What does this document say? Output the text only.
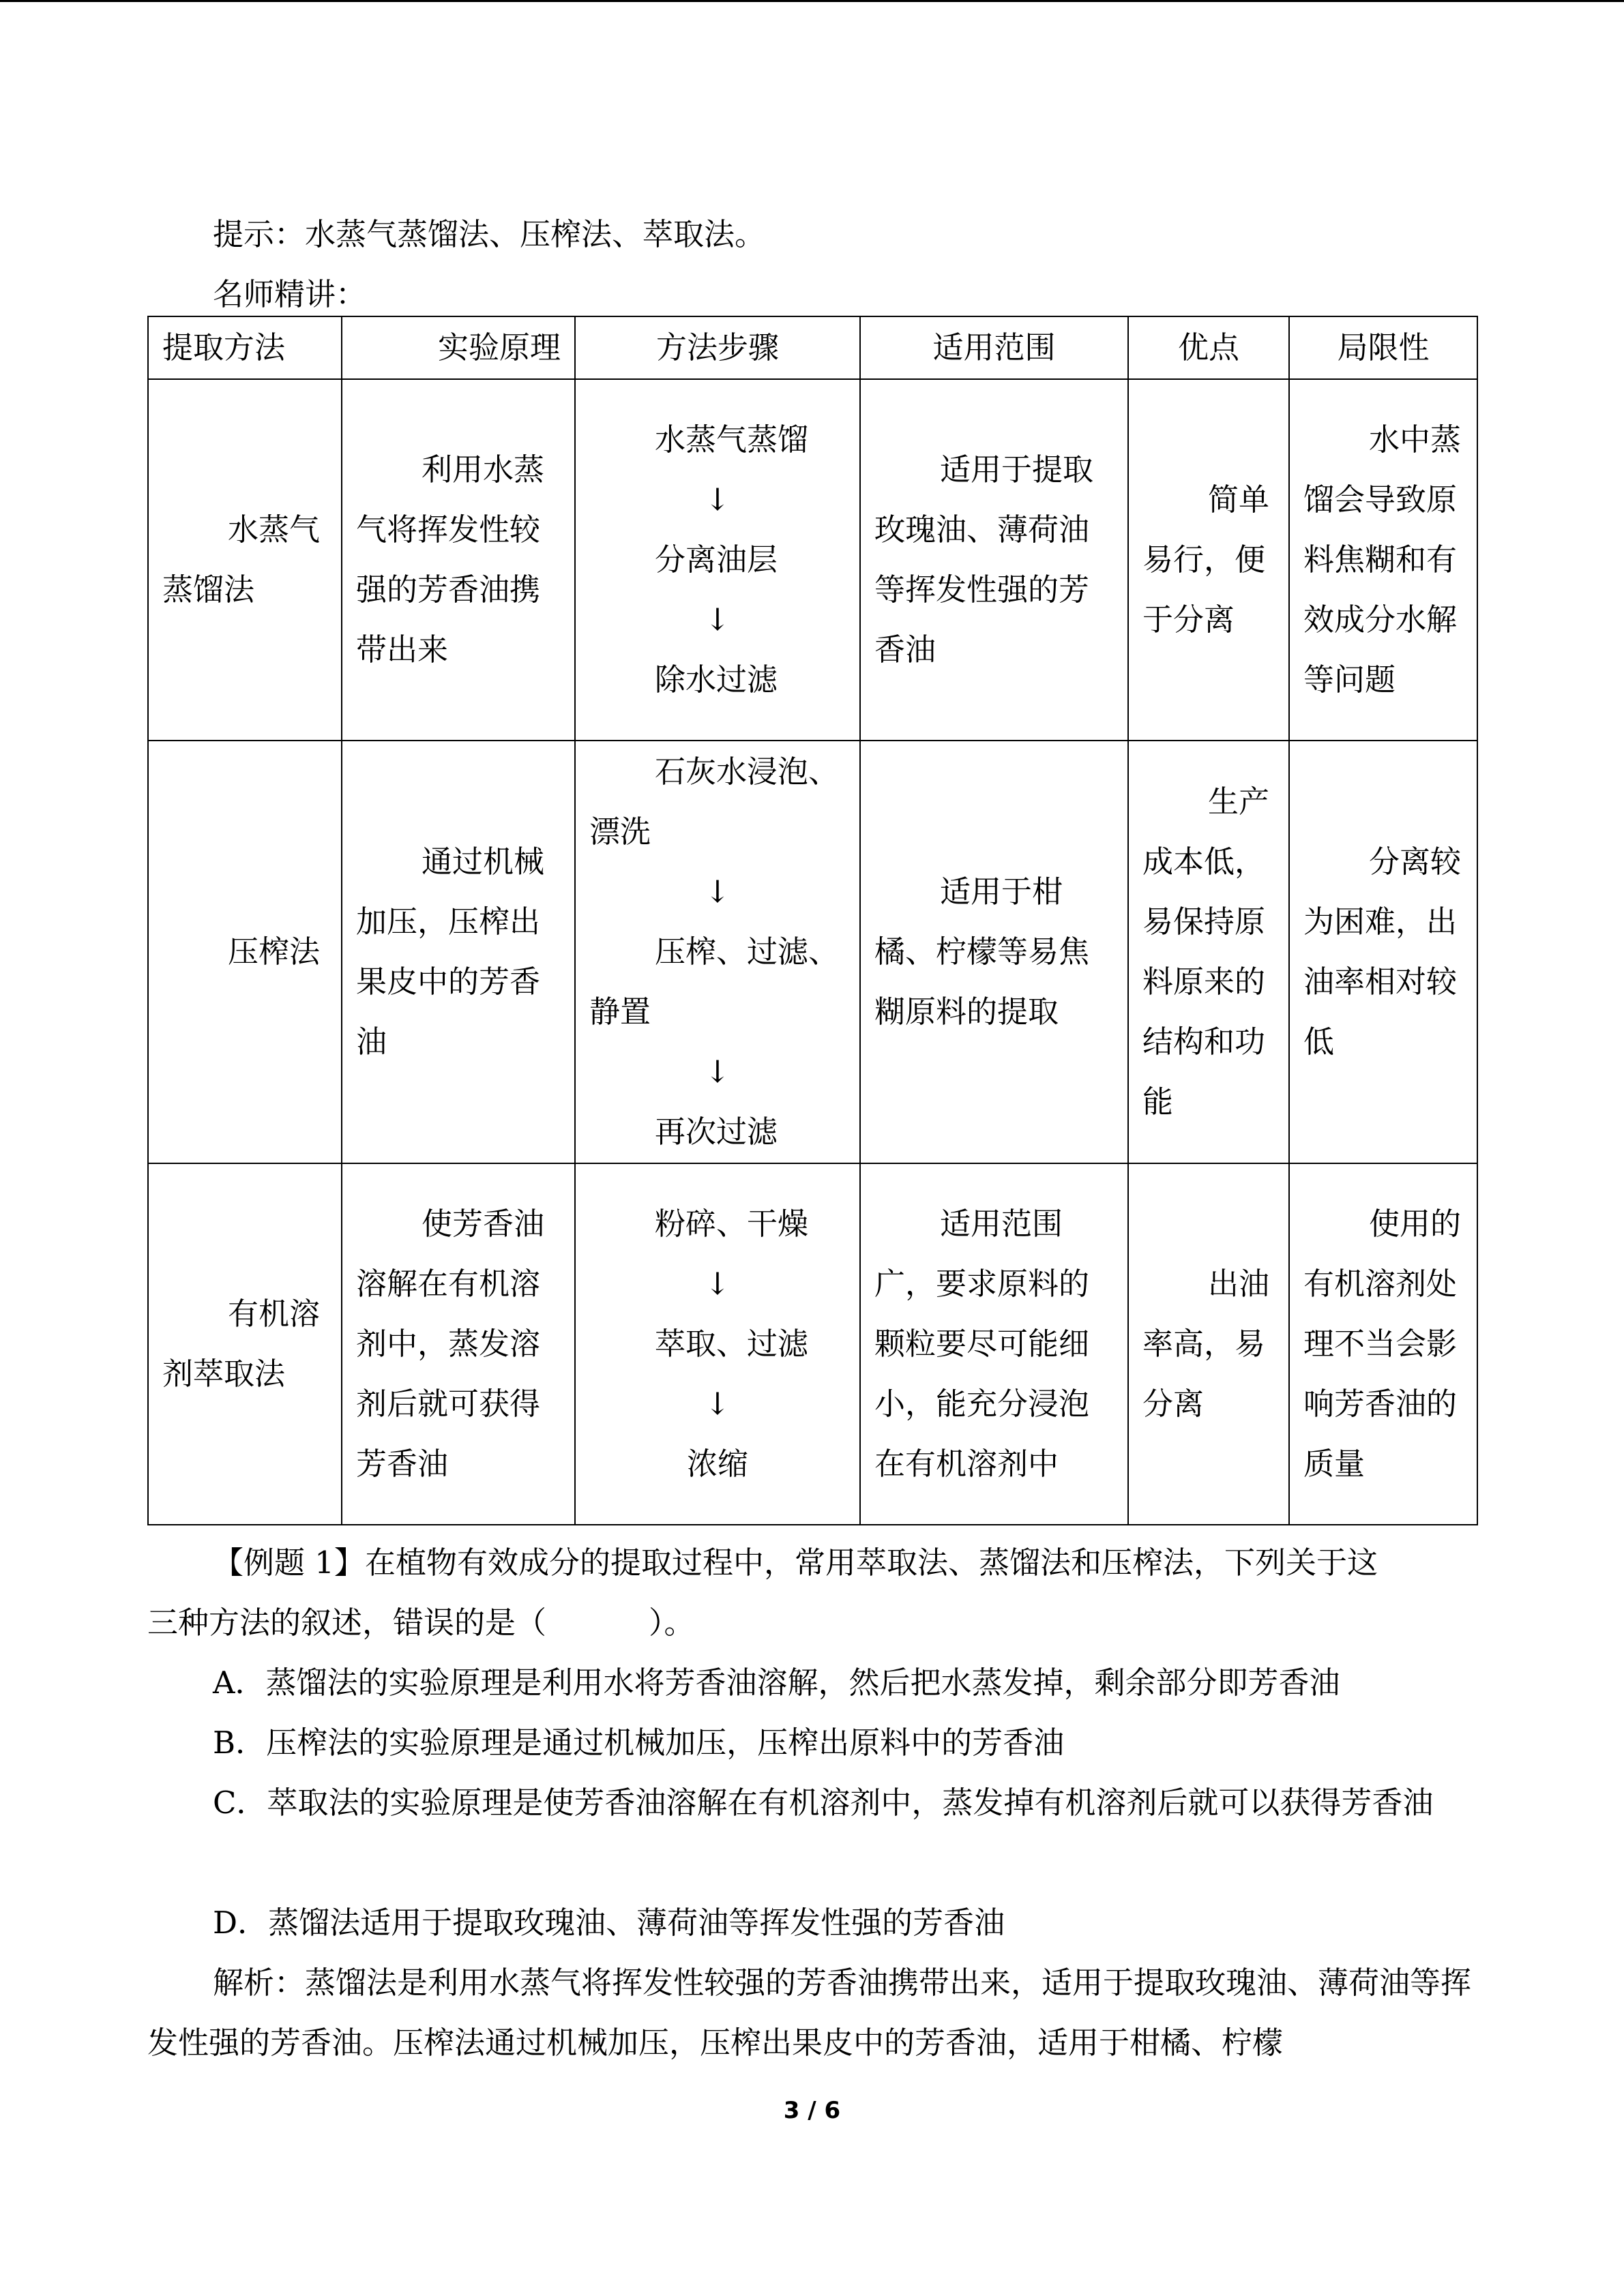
提示：水蒸气蒸馏法、压榨法、萃取法。
名师精讲：
提取方法	实验原理	方法步骤	适用范围	优点	局限性
水蒸气蒸馏法	利用水蒸气将挥发性较强的芳香油携带出来	水蒸气蒸馏
↓
分离油层
↓
除水过滤	适用于提取玫瑰油、薄荷油等挥发性强的芳香油	简单易行，便于分离	水中蒸馏会导致原料焦糊和有效成分水解等问题
压榨法	通过机械加压，压榨出果皮中的芳香油	石灰水浸泡、漂洗
↓
压榨、过滤、静置
↓
再次过滤	适用于柑橘、柠檬等易焦糊原料的提取	生产成本低，易保持原料原来的结构和功能	分离较为困难，出油率相对较低
有机溶剂萃取法	使芳香油溶解在有机溶剂中，蒸发溶剂后就可获得芳香油	粉碎、干燥
↓
萃取、过滤
↓
浓缩	适用范围广，要求原料的颗粒要尽可能细小，能充分浸泡在有机溶剂中	出油率高，易分离	使用的有机溶剂处理不当会影响芳香油的质量
【例题 1】在植物有效成分的提取过程中，常用萃取法、蒸馏法和压榨法，下列关于这
三种方法的叙述，错误的是（	）。
A．蒸馏法的实验原理是利用水将芳香油溶解，然后把水蒸发掉，剩余部分即芳香油
B．压榨法的实验原理是通过机械加压，压榨出原料中的芳香油
C．萃取法的实验原理是使芳香油溶解在有机溶剂中，蒸发掉有机溶剂后就可以获得芳香油
D．蒸馏法适用于提取玫瑰油、薄荷油等挥发性强的芳香油
解析：蒸馏法是利用水蒸气将挥发性较强的芳香油携带出来，适用于提取玫瑰油、薄荷油等挥发性强的芳香油。压榨法通过机械加压，压榨出果皮中的芳香油，适用于柑橘、柠檬
3 / 6
